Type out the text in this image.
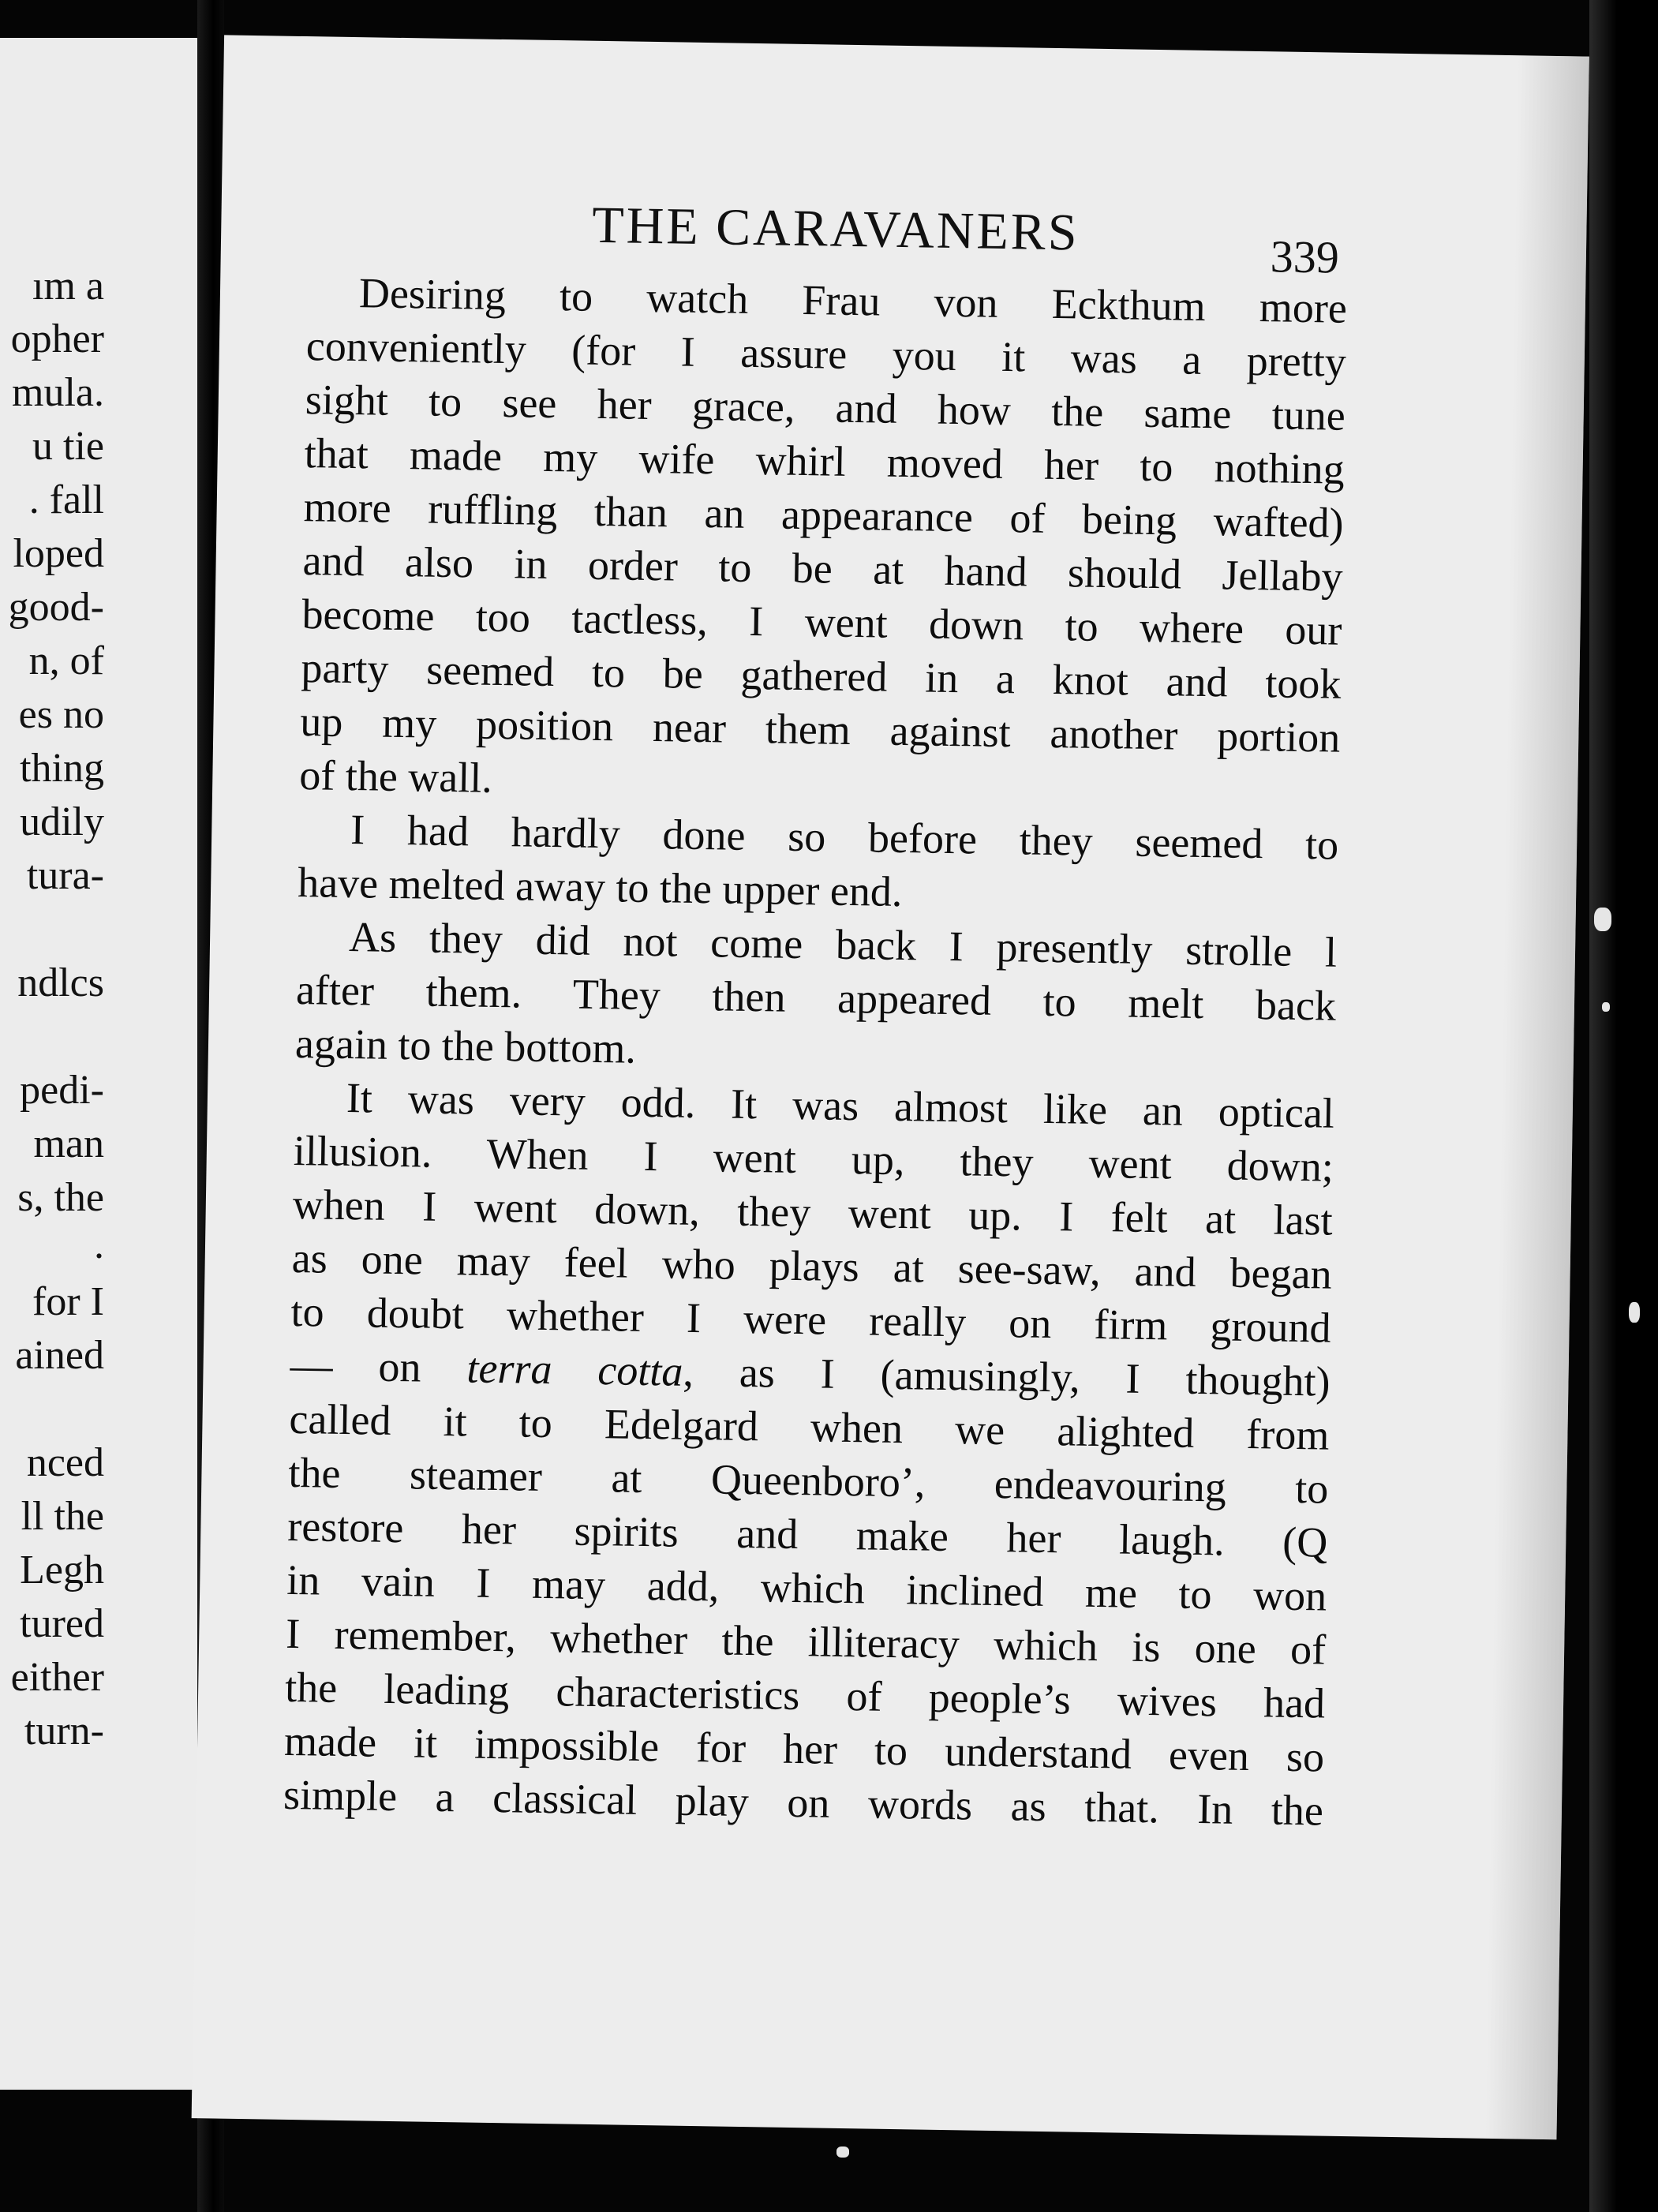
ım a
opher
mula.
u tie
. fall
loped
good-
n, of
es no
thing
udily
tura-
ndlcs
pedi-
man
s, the
.
for I
ained
nced
ll the
Legh
tured
either
turn-
THE CARAVANERS	339
Desiring to watch Frau von Eckthum more
conveniently (for I assure you it was a pretty
sight to see her grace, and how the same tune
that made my wife whirl moved her to nothing
more ruffling than an appearance of being wafted)
and also in order to be at hand should Jellaby
become too tactless, I went down to where our
party seemed to be gathered in a knot and took
up my position near them against another portion
of the wall.
I had hardly done so before they seemed to
have melted away to the upper end.
As they did not come back I presently strolle l
after them. They then appeared to melt back
again to the bottom.
It was very odd. It was almost like an optical
illusion. When I went up, they went down;
when I went down, they went up. I felt at last
as one may feel who plays at see-saw, and began
to doubt whether I were really on firm ground
— on terra cotta, as I (amusingly, I thought)
called it to Edelgard when we alighted from
the steamer at Queenboro’, endeavouring to
restore her spirits and make her laugh. (Q
in vain I may add, which inclined me to won
I remember, whether the illiteracy which is one of
the leading characteristics of people’s wives had
made it impossible for her to understand even so
simple a classical play on words as that. In the
